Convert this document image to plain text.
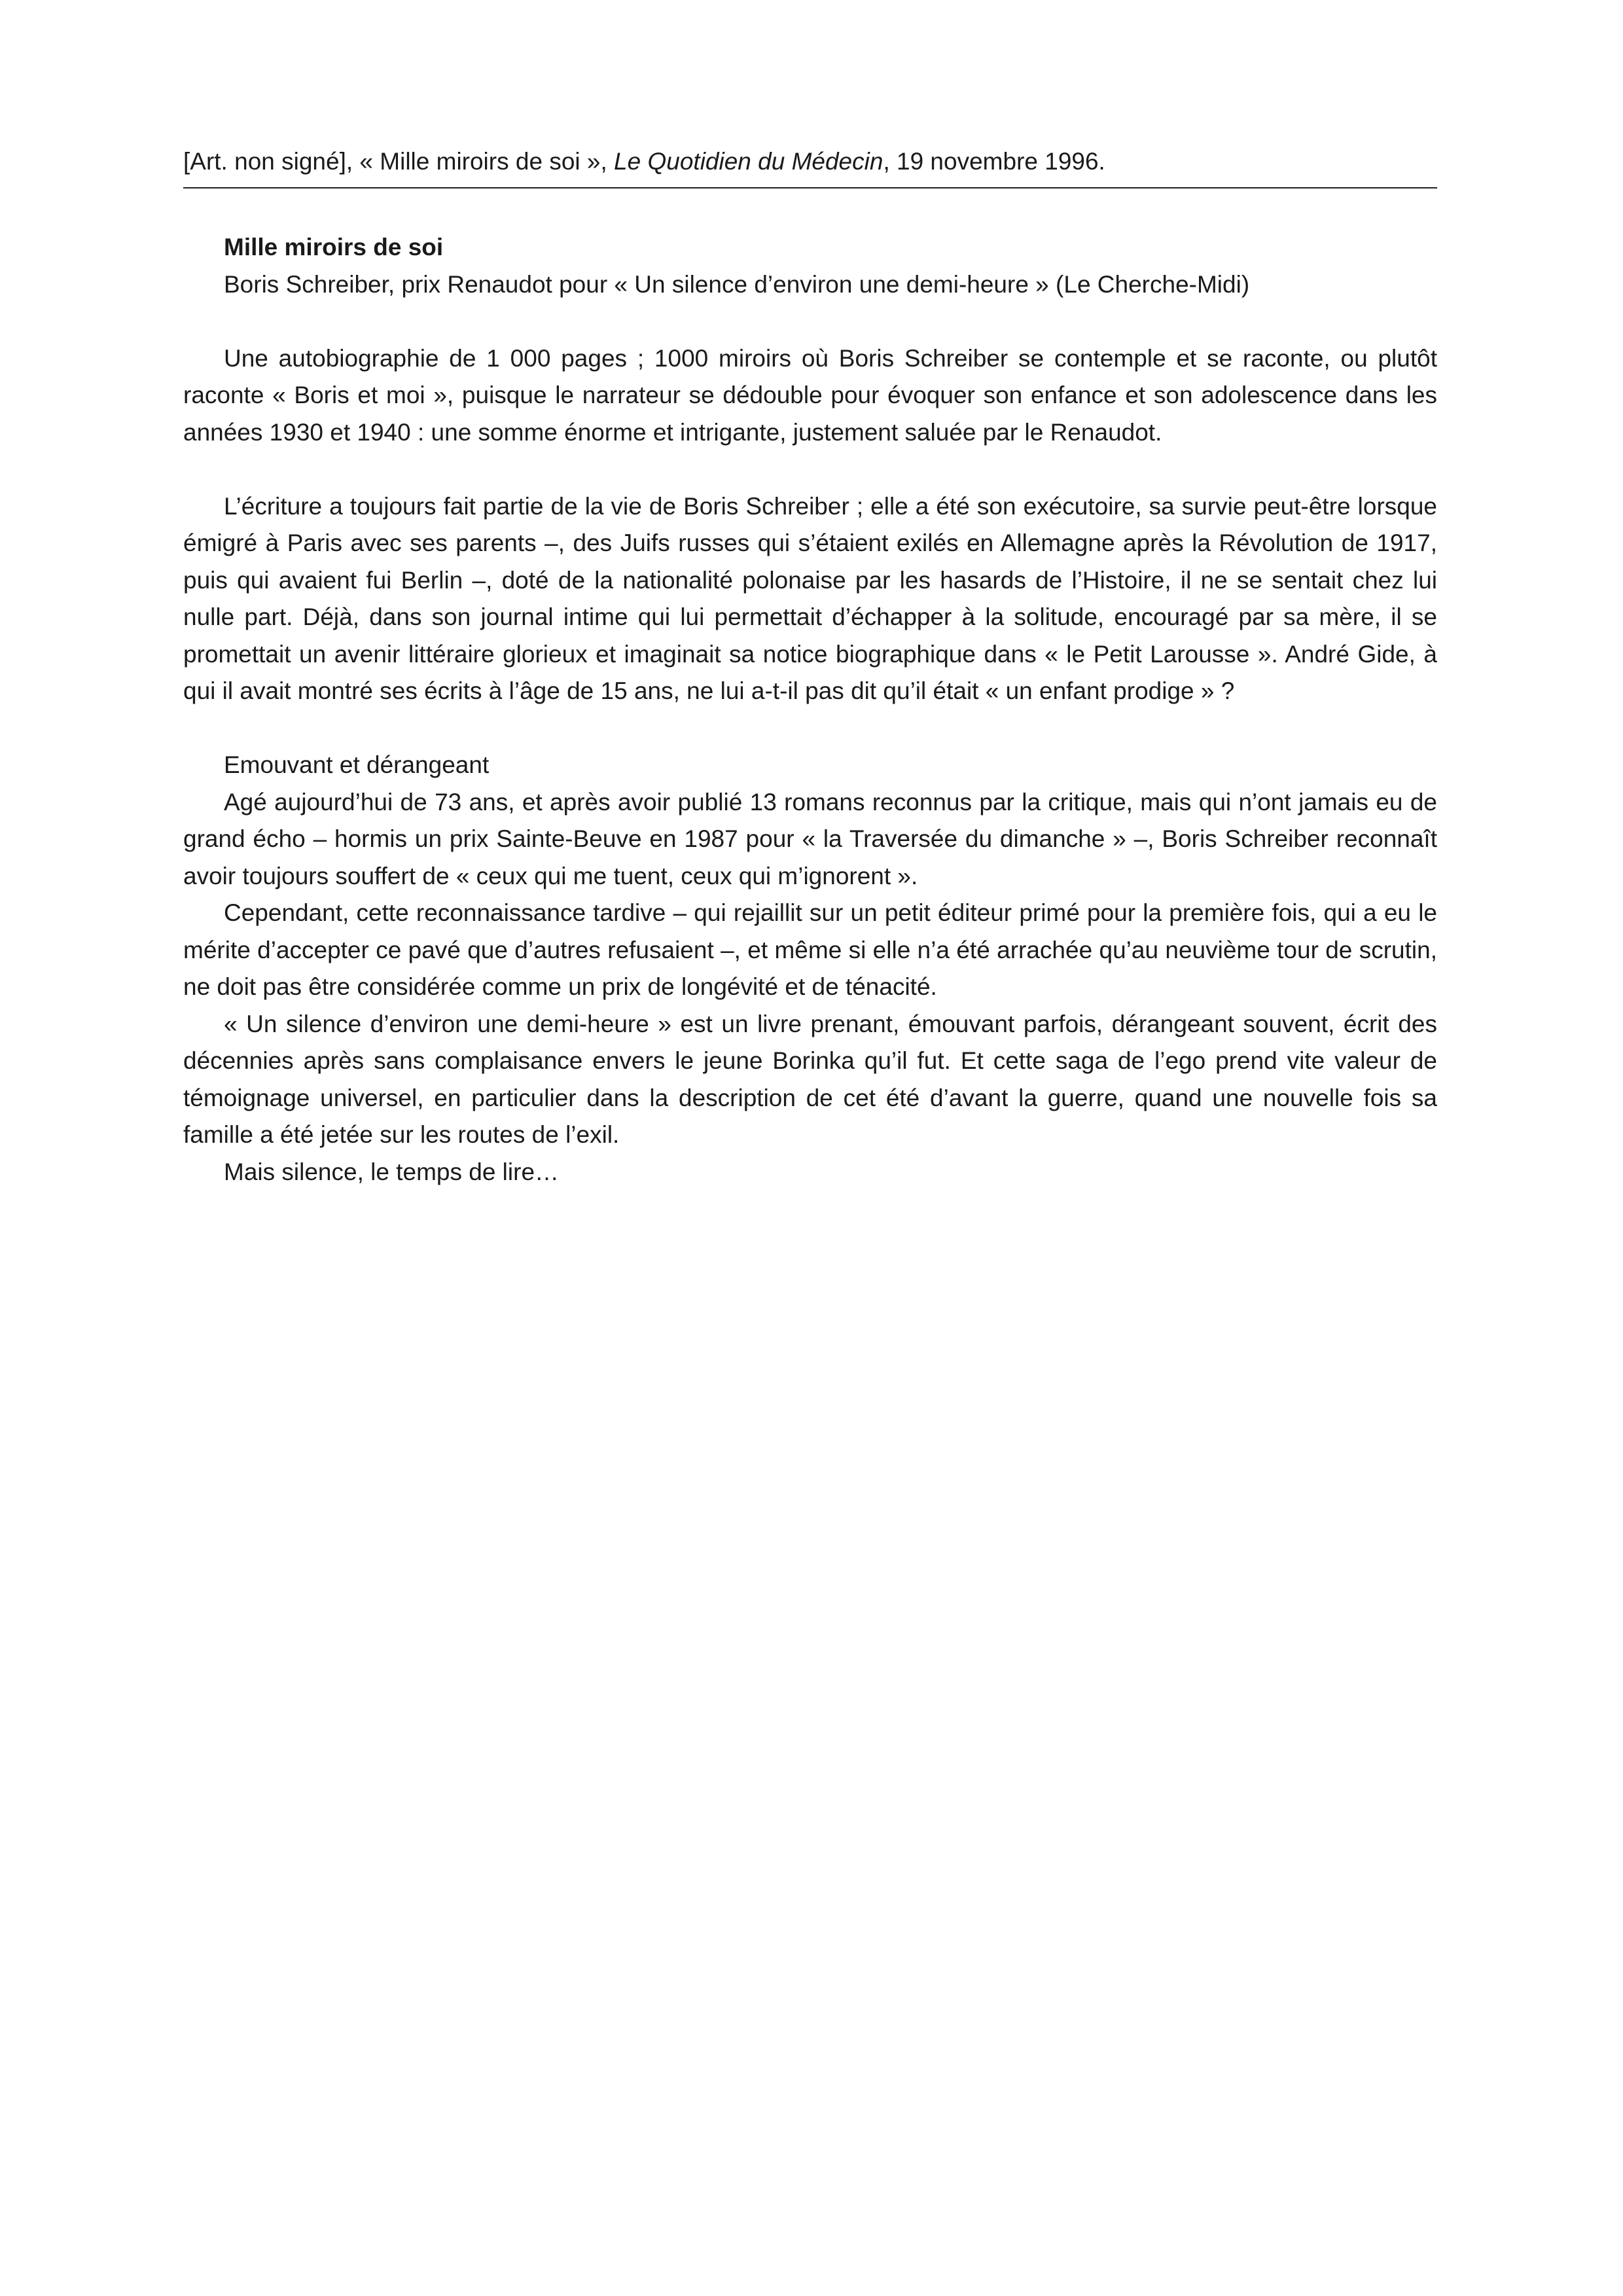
[Art. non signé], « Mille miroirs de soi », Le Quotidien du Médecin, 19 novembre 1996.

Mille miroirs de soi

Boris Schreiber, prix Renaudot pour « Un silence d’environ une demi-heure » (Le Cherche-Midi)

Une autobiographie de 1 000 pages ; 1000 miroirs où Boris Schreiber se contemple et se raconte, ou plutôt raconte « Boris et moi », puisque le narrateur se dédouble pour évoquer son enfance et son adolescence dans les années 1930 et 1940 : une somme énorme et intrigante, justement saluée par le Renaudot.

L’écriture a toujours fait partie de la vie de Boris Schreiber ; elle a été son exécutoire, sa survie peut-être lorsque émigré à Paris avec ses parents –, des Juifs russes qui s’étaient exilés en Allemagne après la Révolution de 1917, puis qui avaient fui Berlin –, doté de la nationalité polonaise par les hasards de l’Histoire, il ne se sentait chez lui nulle part. Déjà, dans son journal intime qui lui permettait d’échapper à la solitude, encouragé par sa mère, il se promettait un avenir littéraire glorieux et imaginait sa notice biographique dans « le Petit Larousse ». André Gide, à qui il avait montré ses écrits à l’âge de 15 ans, ne lui a-t-il pas dit qu’il était « un enfant prodige » ?

Emouvant et dérangeant

Agé aujourd’hui de 73 ans, et après avoir publié 13 romans reconnus par la critique, mais qui n’ont jamais eu de grand écho – hormis un prix Sainte-Beuve en 1987 pour « la Traversée du dimanche » –, Boris Schreiber reconnaît avoir toujours souffert de « ceux qui me tuent, ceux qui m’ignorent ».

Cependant, cette reconnaissance tardive – qui rejaillit sur un petit éditeur primé pour la première fois, qui a eu le mérite d’accepter ce pavé que d’autres refusaient –, et même si elle n’a été arrachée qu’au neuvième tour de scrutin, ne doit pas être considérée comme un prix de longévité et de ténacité.

« Un silence d’environ une demi-heure » est un livre prenant, émouvant parfois, dérangeant souvent, écrit des décennies après sans complaisance envers le jeune Borinka qu’il fut. Et cette saga de l’ego prend vite valeur de témoignage universel, en particulier dans la description de cet été d’avant la guerre, quand une nouvelle fois sa famille a été jetée sur les routes de l’exil.

Mais silence, le temps de lire…
